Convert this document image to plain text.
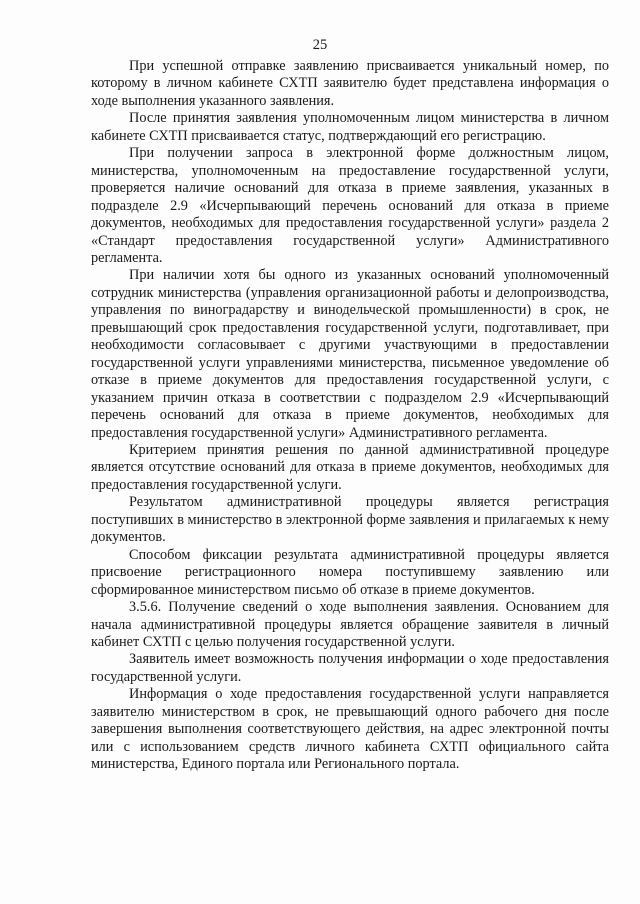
25

При успешной отправке заявлению присваивается уникальный номер, по которому в личном кабинете СХТП заявителю будет представлена информация о ходе выполнения указанного заявления.

После принятия заявления уполномоченным лицом министерства в личном кабинете СХТП присваивается статус, подтверждающий его регистрацию.

При получении запроса в электронной форме должностным лицом, министерства, уполномоченным на предоставление государственной услуги, проверяется наличие оснований для отказа в приеме заявления, указанных в подразделе 2.9 «Исчерпывающий перечень оснований для отказа в приеме документов, необходимых для предоставления государственной услуги» раздела 2 «Стандарт предоставления государственной услуги» Административного регламента.

При наличии хотя бы одного из указанных оснований уполномоченный сотрудник министерства (управления организационной работы и делопроизводства, управления по виноградарству и винодельческой промышленности) в срок, не превышающий срок предоставления государственной услуги, подготавливает, при необходимости согласовывает с другими участвующими в предоставлении государственной услуги управлениями министерства, письменное уведомление об отказе в приеме документов для предоставления государственной услуги, с указанием причин отказа в соответствии с подразделом 2.9 «Исчерпывающий перечень оснований для отказа в приеме документов, необходимых для предоставления государственной услуги» Административного регламента.

Критерием принятия решения по данной административной процедуре является отсутствие оснований для отказа в приеме документов, необходимых для предоставления государственной услуги.

Результатом административной процедуры является регистрация поступивших в министерство в электронной форме заявления и прилагаемых к нему документов.

Способом фиксации результата административной процедуры является присвоение регистрационного номера поступившему заявлению или сформированное министерством письмо об отказе в приеме документов.

3.5.6. Получение сведений о ходе выполнения заявления. Основанием для начала административной процедуры является обращение заявителя в личный кабинет СХТП с целью получения государственной услуги.

Заявитель имеет возможность получения информации о ходе предоставления государственной услуги.

Информация о ходе предоставления государственной услуги направляется заявителю министерством в срок, не превышающий одного рабочего дня после завершения выполнения соответствующего действия, на адрес электронной почты или с использованием средств личного кабинета СХТП официального сайта министерства, Единого портала или Регионального портала.
